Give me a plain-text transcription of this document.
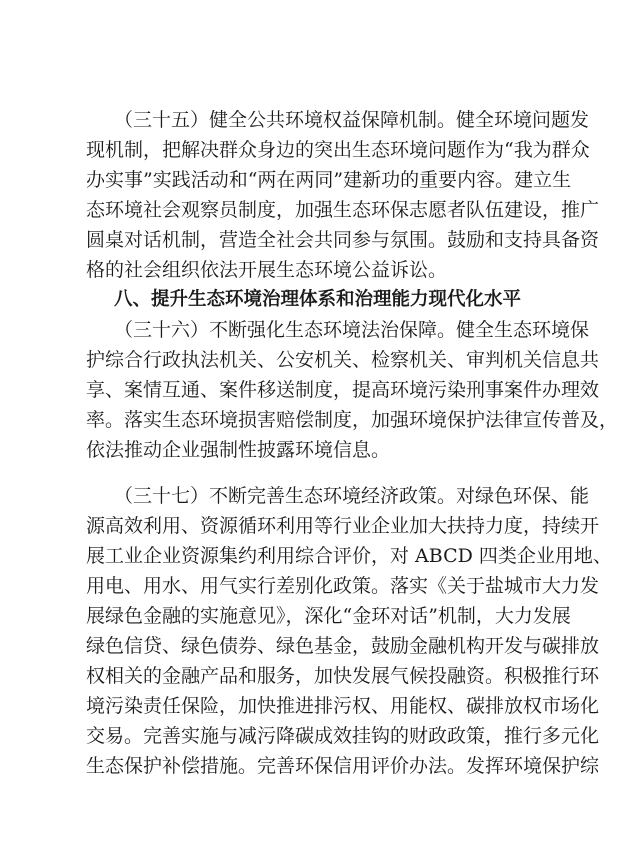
（三十五）健全公共环境权益保障机制。健全环境问题发
现机制，把解决群众身边的突出生态环境问题作为“我为群众
办实事”实践活动和“两在两同”建新功的重要内容。建立生
态环境社会观察员制度，加强生态环保志愿者队伍建设，推广
圆桌对话机制，营造全社会共同参与氛围。鼓励和支持具备资
格的社会组织依法开展生态环境公益诉讼。
八、提升生态环境治理体系和治理能力现代化水平
（三十六）不断强化生态环境法治保障。健全生态环境保
护综合行政执法机关、公安机关、检察机关、审判机关信息共
享、案情互通、案件移送制度，提高环境污染刑事案件办理效
率。落实生态环境损害赔偿制度，加强环境保护法律宣传普及，
依法推动企业强制性披露环境信息。
（三十七）不断完善生态环境经济政策。对绿色环保、能
源高效利用、资源循环利用等行业企业加大扶持力度，持续开
展工业企业资源集约利用综合评价，对 ABCD 四类企业用地、
用电、用水、用气实行差别化政策。落实《关于盐城市大力发
展绿色金融的实施意见》，深化“金环对话”机制，大力发展
绿色信贷、绿色债券、绿色基金，鼓励金融机构开发与碳排放
权相关的金融产品和服务，加快发展气候投融资。积极推行环
境污染责任保险，加快推进排污权、用能权、碳排放权市场化
交易。完善实施与减污降碳成效挂钩的财政政策，推行多元化
生态保护补偿措施。完善环保信用评价办法。发挥环境保护综
